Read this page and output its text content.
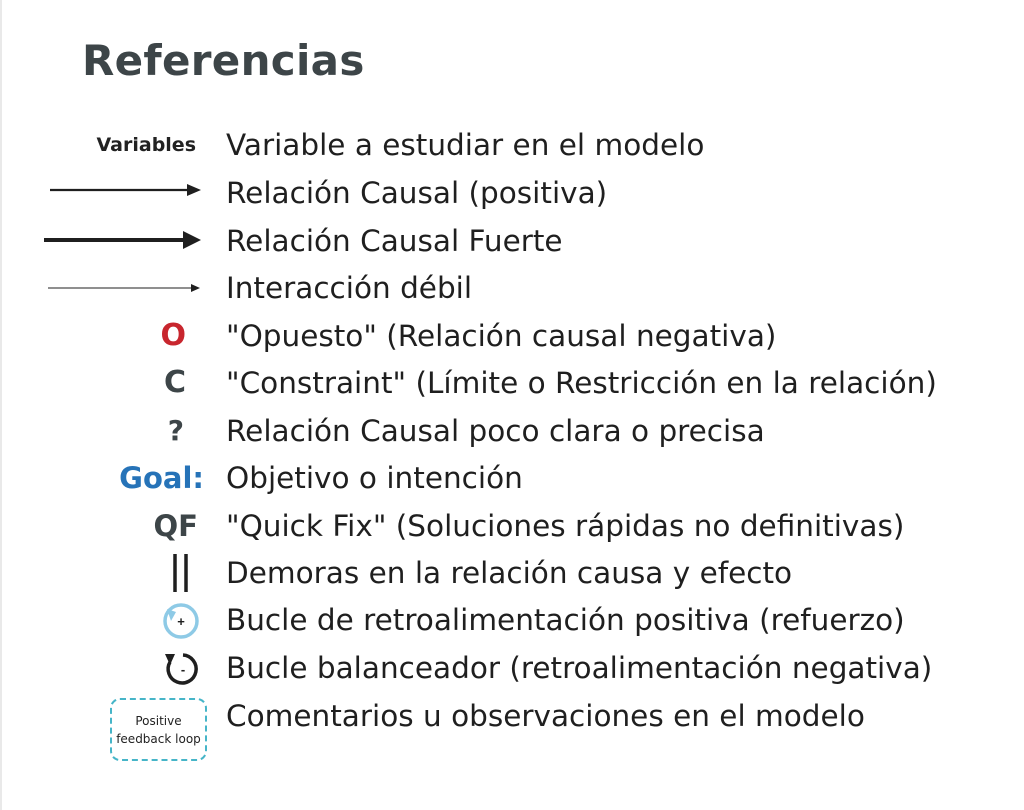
Referencias
Variables Variable a estudiar en el modelo
Relación Causal (positiva)
Relación Causal Fuerte
Interacción débil
O "Opuesto" (Relación causal negativa)
C "Constraint" (Límite o Restricción en la relación)
? Relación Causal poco clara o precisa
Goal: Objetivo o intención
QF "Quick Fix" (Soluciones rápidas no definitivas)
Demoras en la relación causa y efecto
+ Bucle de retroalimentación positiva (refuerzo)
- Bucle balanceador (retroalimentación negativa)
Positive feedback loop
Comentarios u observaciones en el modelo
